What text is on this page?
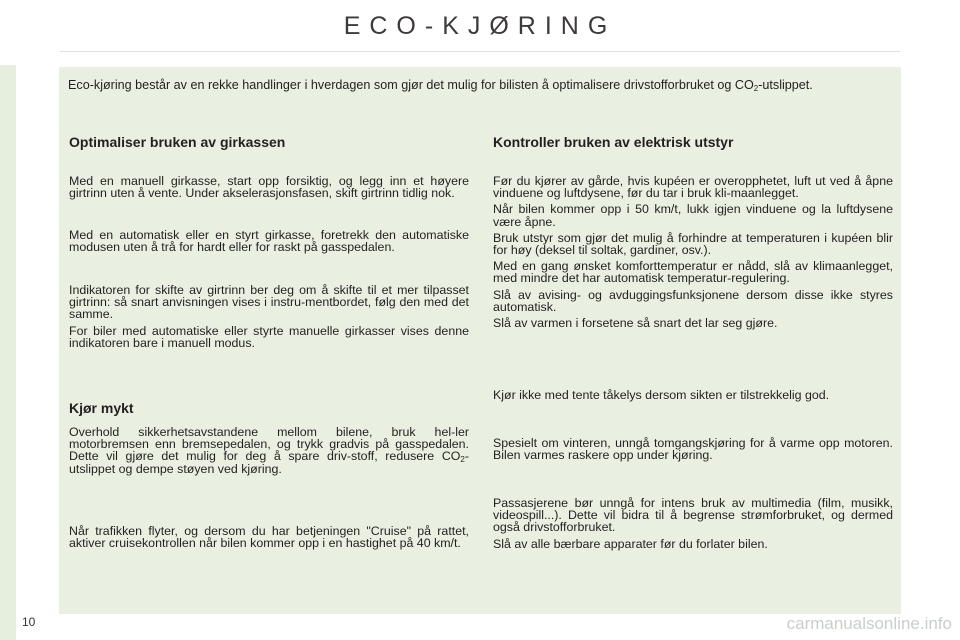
ECO-KJØRING
Eco-kjøring består av en rekke handlinger i hverdagen som gjør det mulig for bilisten å optimalisere drivstofforbruket og $CO_2$-utslippet.
Optimaliser bruken av girkassen

Med en manuell girkasse, start opp forsiktig, og legg inn et høyere girtrinn uten å vente. Under akselerasjonsfasen, skift girtrinn tidlig nok.

Med en automatisk eller en styrt girkasse, foretrekk den automatiske modusen uten å trå for hardt eller for raskt på gasspedalen.

Indikatoren for skifte av girtrinn ber deg om å skifte til et mer tilpasset girtrinn: så snart anvisningen vises i instru-mentbordet, følg den med det samme.

For biler med automatiske eller styrte manuelle girkasser vises denne indikatoren bare i manuell modus.

Kjør mykt

Overhold sikkerhetsavstandene mellom bilene, bruk hel-ler motorbremsen enn bremsepedalen, og trykk gradvis på gasspedalen. Dette vil gjøre det mulig for deg å spare driv-stoff, redusere $CO_2$-utslippet og dempe støyen ved kjøring.

Når trafikken flyter, og dersom du har betjeningen "Cruise" på rattet, aktiver cruisekontrollen når bilen kommer opp i en hastighet på 40 km/t.

Kontroller bruken av elektrisk utstyr

Før du kjører av gårde, hvis kupéen er overopphetet, luft ut ved å åpne vinduene og luftdysene, før du tar i bruk kli-maanlegget.

Når bilen kommer opp i 50 km/t, lukk igjen vinduene og la luftdysene være åpne.

Bruk utstyr som gjør det mulig å forhindre at temperaturen i kupéen blir for høy (deksel til soltak, gardiner, osv.).

Med en gang ønsket komforttemperatur er nådd, slå av klimaanlegget, med mindre det har automatisk temperatur-regulering.

Slå av avising- og avduggingsfunksjonene dersom disse ikke styres automatisk.

Slå av varmen i forsetene så snart det lar seg gjøre.

Kjør ikke med tente tåkelys dersom sikten er tilstrekkelig god.

Spesielt om vinteren, unngå tomgangskjøring for å varme opp motoren. Bilen varmes raskere opp under kjøring.

Passasjerene bør unngå for intens bruk av multimedia (film, musikk, videospill...). Dette vil bidra til å begrense strømforbruket, og dermed også drivstofforbruket.

Slå av alle bærbare apparater før du forlater bilen.

10	carmanualsonline.info
